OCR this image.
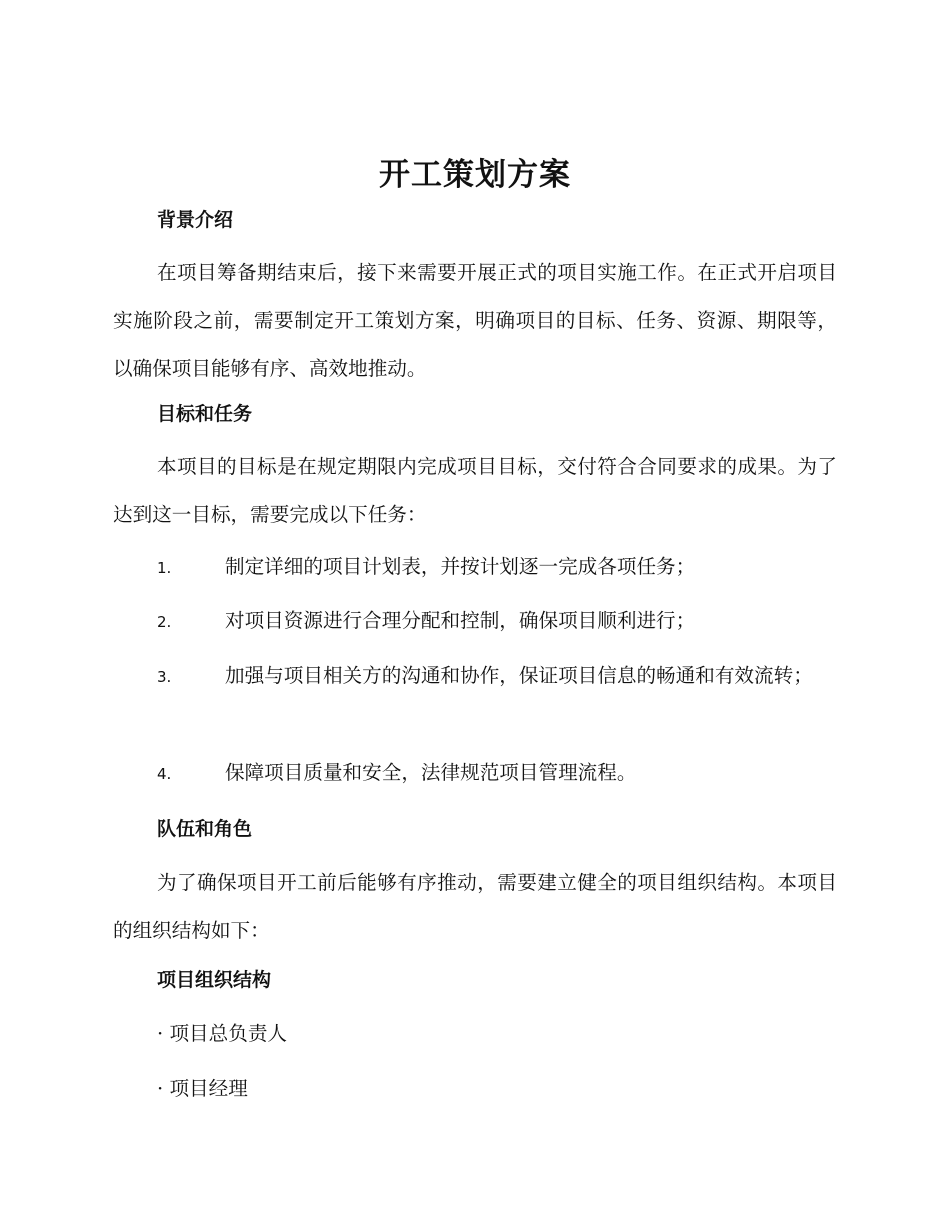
开工策划方案
背景介绍

在项目筹备期结束后，接下来需要开展正式的项目实施工作。在正式开启项目实施阶段之前，需要制定开工策划方案，明确项目的目标、任务、资源、期限等，以确保项目能够有序、高效地推动。

目标和任务

本项目的目标是在规定期限内完成项目目标，交付符合合同要求的成果。为了达到这一目标，需要完成以下任务：

1.	制定详细的项目计划表，并按计划逐一完成各项任务；

2.	对项目资源进行合理分配和控制，确保项目顺利进行；

3.	加强与项目相关方的沟通和协作，保证项目信息的畅通和有效流转；

4.	保障项目质量和安全，法律规范项目管理流程。

队伍和角色

为了确保项目开工前后能够有序推动，需要建立健全的项目组织结构。本项目的组织结构如下：

项目组织结构

· 项目总负责人

· 项目经理
